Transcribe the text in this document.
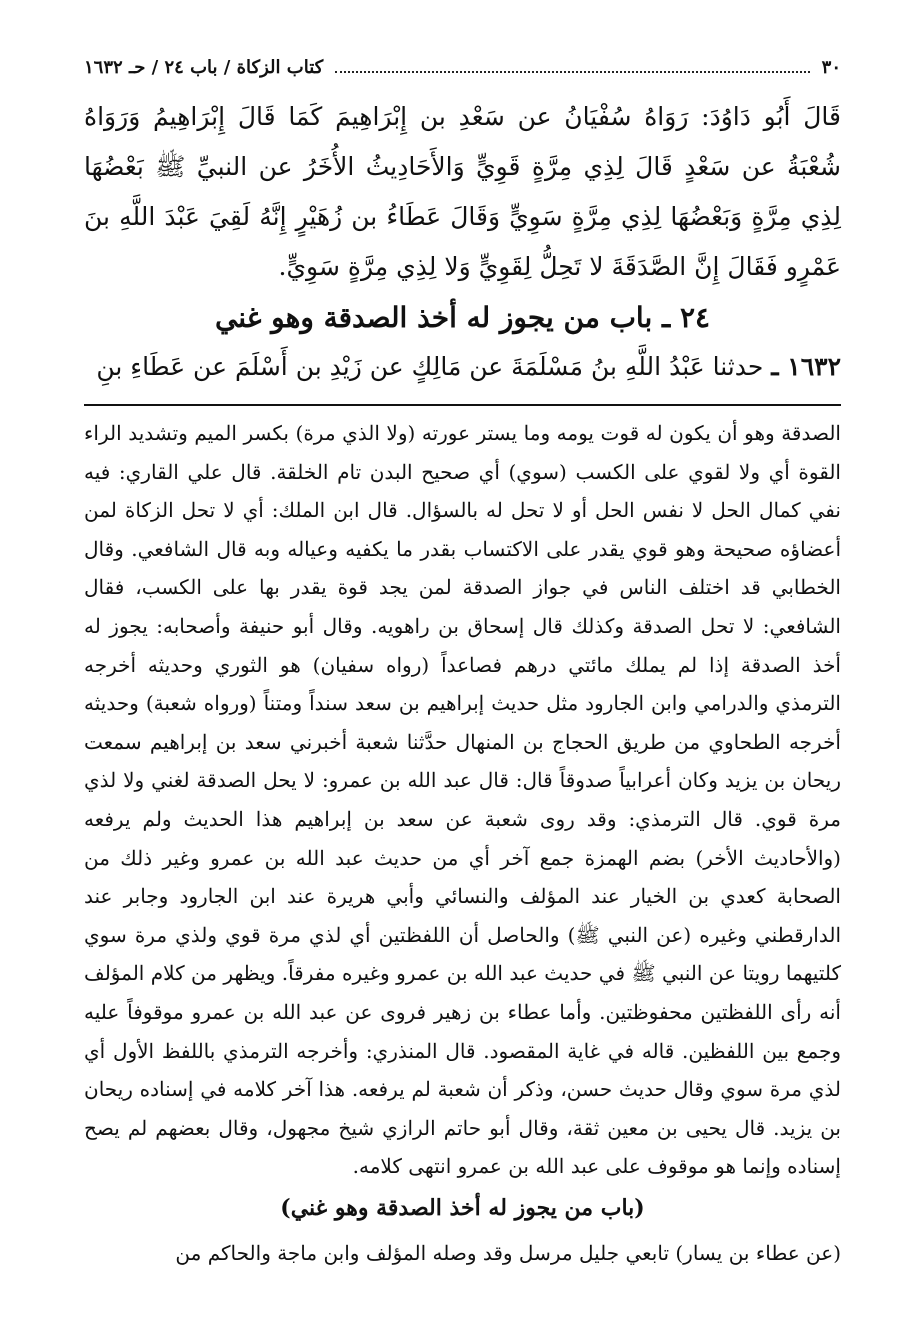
٣٠
كتاب الزكاة / باب ٢٤ / حـ ١٦٣٢

قَالَ أَبُو دَاوُدَ: رَوَاهُ سُفْيَانُ عن سَعْدِ بن إِبْرَاهِيمَ كَمَا قَالَ إِبْرَاهِيمُ وَرَوَاهُ شُعْبَةُ عن سَعْدٍ قَالَ لِذِي مِرَّةٍ قَوِيٍّ وَالأَحَادِيثُ الأُخَرُ عن النبيِّ ﷺ بَعْضُهَا لِذِي مِرَّةٍ وَبَعْضُهَا لِذِي مِرَّةٍ سَوِيٍّ وَقَالَ عَطَاءُ بن زُهَيْرٍ إِنَّهُ لَقِيَ عَبْدَ اللَّهِ بنَ عَمْرٍو فَقَالَ إِنَّ الصَّدَقَةَ لا تَحِلُّ لِقَوِيٍّ وَلا لِذِي مِرَّةٍ سَوِيٍّ.

٢٤ ـ باب من يجوز له أخذ الصدقة وهو غني

١٦٣٢ ـ حدثنا عَبْدُ اللَّهِ بنُ مَسْلَمَةَ عن مَالِكٍ عن زَيْدِ بن أَسْلَمَ عن عَطَاءِ بنِ

الصدقة وهو أن يكون له قوت يومه وما يستر عورته (ولا الذي مرة) بكسر الميم وتشديد الراء القوة أي ولا لقوي على الكسب (سوي) أي صحيح البدن تام الخلقة. قال علي القاري: فيه نفي كمال الحل لا نفس الحل أو لا تحل له بالسؤال. قال ابن الملك: أي لا تحل الزكاة لمن أعضاؤه صحيحة وهو قوي يقدر على الاكتساب بقدر ما يكفيه وعياله وبه قال الشافعي. وقال الخطابي قد اختلف الناس في جواز الصدقة لمن يجد قوة يقدر بها على الكسب، فقال الشافعي: لا تحل الصدقة وكذلك قال إسحاق بن راهويه. وقال أبو حنيفة وأصحابه: يجوز له أخذ الصدقة إذا لم يملك مائتي درهم فصاعداً (رواه سفيان) هو الثوري وحديثه أخرجه الترمذي والدرامي وابن الجارود مثل حديث إبراهيم بن سعد سنداً ومتناً (ورواه شعبة) وحديثه أخرجه الطحاوي من طريق الحجاج بن المنهال حدَّثنا شعبة أخبرني سعد بن إبراهيم سمعت ريحان بن يزيد وكان أعرابياً صدوقاً قال: قال عبد الله بن عمرو: لا يحل الصدقة لغني ولا لذي مرة قوي. قال الترمذي: وقد روى شعبة عن سعد بن إبراهيم هذا الحديث ولم يرفعه (والأحاديث الأخر) بضم الهمزة جمع آخر أي من حديث عبد الله بن عمرو وغير ذلك من الصحابة كعدي بن الخيار عند المؤلف والنسائي وأبي هريرة عند ابن الجارود وجابر عند الدارقطني وغيره (عن النبي ﷺ) والحاصل أن اللفظتين أي لذي مرة قوي ولذي مرة سوي كلتيهما رويتا عن النبي ﷺ في حديث عبد الله بن عمرو وغيره مفرقاً. ويظهر من كلام المؤلف أنه رأى اللفظتين محفوظتين. وأما عطاء بن زهير فروى عن عبد الله بن عمرو موقوفاً عليه وجمع بين اللفظين. قاله في غاية المقصود. قال المنذري: وأخرجه الترمذي باللفظ الأول أي لذي مرة سوي وقال حديث حسن، وذكر أن شعبة لم يرفعه. هذا آخر كلامه في إسناده ريحان بن يزيد. قال يحيى بن معين ثقة، وقال أبو حاتم الرازي شيخ مجهول، وقال بعضهم لم يصح إسناده وإنما هو موقوف على عبد الله بن عمرو انتهى كلامه.

(باب من يجوز له أخذ الصدقة وهو غني)

(عن عطاء بن يسار) تابعي جليل مرسل وقد وصله المؤلف وابن ماجة والحاكم من
